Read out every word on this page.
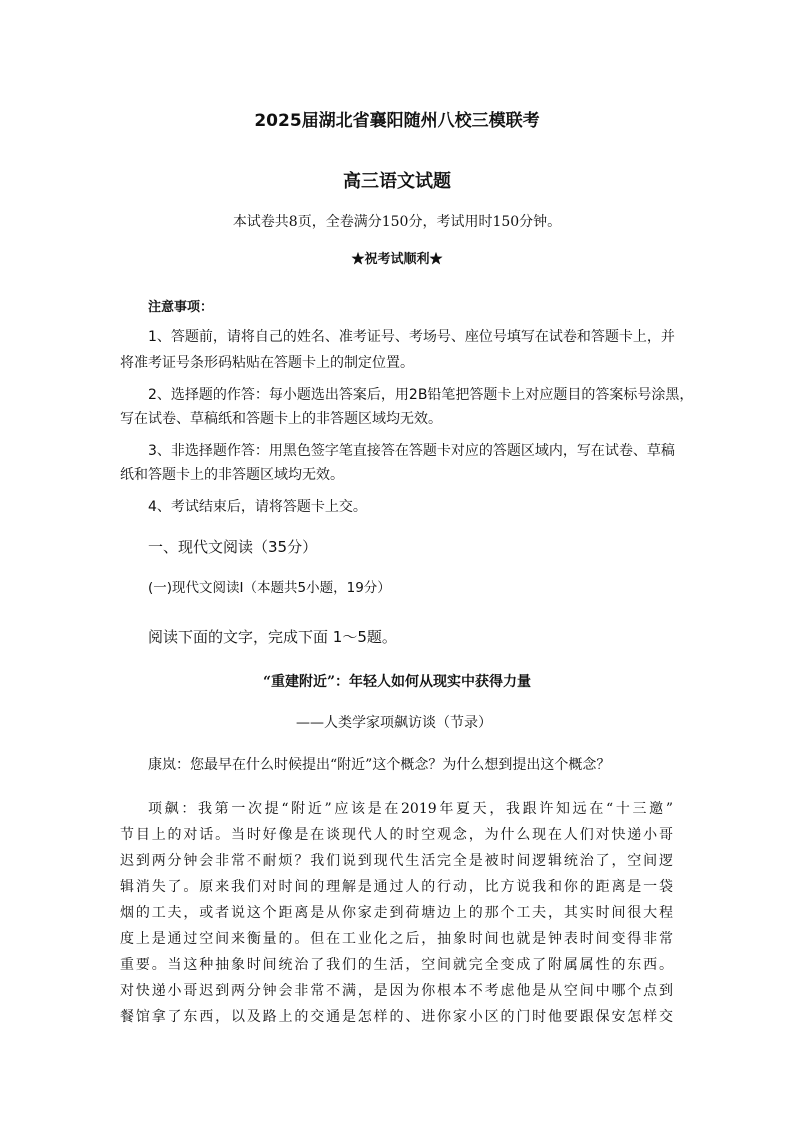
2025届湖北省襄阳随州八校三模联考
高三语文试题
本试卷共8页，全卷满分150分，考试用时150分钟。
★祝考试顺利★
注意事项：
1、答题前，请将自己的姓名、准考证号、考场号、座位号填写在试卷和答题卡上，并
将准考证号条形码粘贴在答题卡上的制定位置。
2、选择题的作答：每小题选出答案后，用2B铅笔把答题卡上对应题目的答案标号涂黑，
写在试卷、草稿纸和答题卡上的非答题区域均无效。
3、非选择题作答：用黑色签字笔直接答在答题卡对应的答题区域内，写在试卷、草稿
纸和答题卡上的非答题区域均无效。
4、考试结束后，请将答题卡上交。
一、现代文阅读（35分）
(一)现代文阅读Ⅰ（本题共5小题，19分）
阅读下面的文字，完成下面 1～5题。
“重建附近”：年轻人如何从现实中获得力量
——人类学家项飙访谈（节录）
康岚：您最早在什么时候提出“附近”这个概念？为什么想到提出这个概念？
项飙：我第一次提“附近”应该是在2019年夏天，我跟许知远在“十三邀”
节目上的对话。当时好像是在谈现代人的时空观念，为什么现在人们对快递小哥
迟到两分钟会非常不耐烦？我们说到现代生活完全是被时间逻辑统治了，空间逻
辑消失了。原来我们对时间的理解是通过人的行动，比方说我和你的距离是一袋
烟的工夫，或者说这个距离是从你家走到荷塘边上的那个工夫，其实时间很大程
度上是通过空间来衡量的。但在工业化之后，抽象时间也就是钟表时间变得非常
重要。当这种抽象时间统治了我们的生活，空间就完全变成了附属属性的东西。
对快递小哥迟到两分钟会非常不满，是因为你根本不考虑他是从空间中哪个点到
餐馆拿了东西，以及路上的交通是怎样的、进你家小区的门时他要跟保安怎样交
